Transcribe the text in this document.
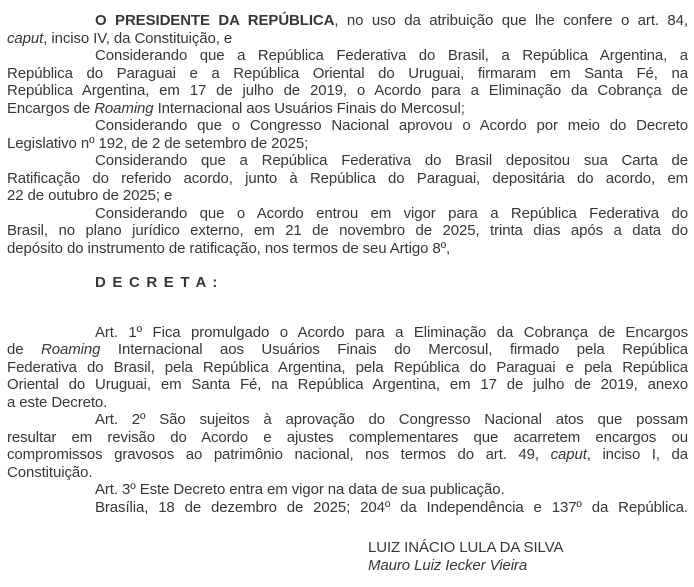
O PRESIDENTE DA REPÚBLICA, no uso da atribuição que lhe confere o art. 84,
caput, inciso IV, da Constituição, e
Considerando que a República Federativa do Brasil, a República Argentina, a
República do Paraguai e a República Oriental do Uruguai, firmaram em Santa Fé, na
República Argentina, em 17 de julho de 2019, o Acordo para a Eliminação da Cobrança de
Encargos de Roaming Internacional aos Usuários Finais do Mercosul;
Considerando que o Congresso Nacional aprovou o Acordo por meio do Decreto
Legislativo nº 192, de 2 de setembro de 2025;
Considerando que a República Federativa do Brasil depositou sua Carta de
Ratificação do referido acordo, junto à República do Paraguai, depositária do acordo, em
22 de outubro de 2025; e
Considerando que o Acordo entrou em vigor para a República Federativa do
Brasil, no plano jurídico externo, em 21 de novembro de 2025, trinta dias após a data do
depósito do instrumento de ratificação, nos termos de seu Artigo 8º,
D E C R E T A :
Art. 1º Fica promulgado o Acordo para a Eliminação da Cobrança de Encargos
de Roaming Internacional aos Usuários Finais do Mercosul, firmado pela República
Federativa do Brasil, pela República Argentina, pela República do Paraguai e pela República
Oriental do Uruguai, em Santa Fé, na República Argentina, em 17 de julho de 2019, anexo
a este Decreto.
Art. 2º São sujeitos à aprovação do Congresso Nacional atos que possam
resultar em revisão do Acordo e ajustes complementares que acarretem encargos ou
compromissos gravosos ao patrimônio nacional, nos termos do art. 49, caput, inciso I, da
Constituição.
Art. 3º Este Decreto entra em vigor na data de sua publicação.
Brasília, 18 de dezembro de 2025; 204º da Independência e 137º da República.
LUIZ INÁCIO LULA DA SILVA
Mauro Luiz Iecker Vieira
